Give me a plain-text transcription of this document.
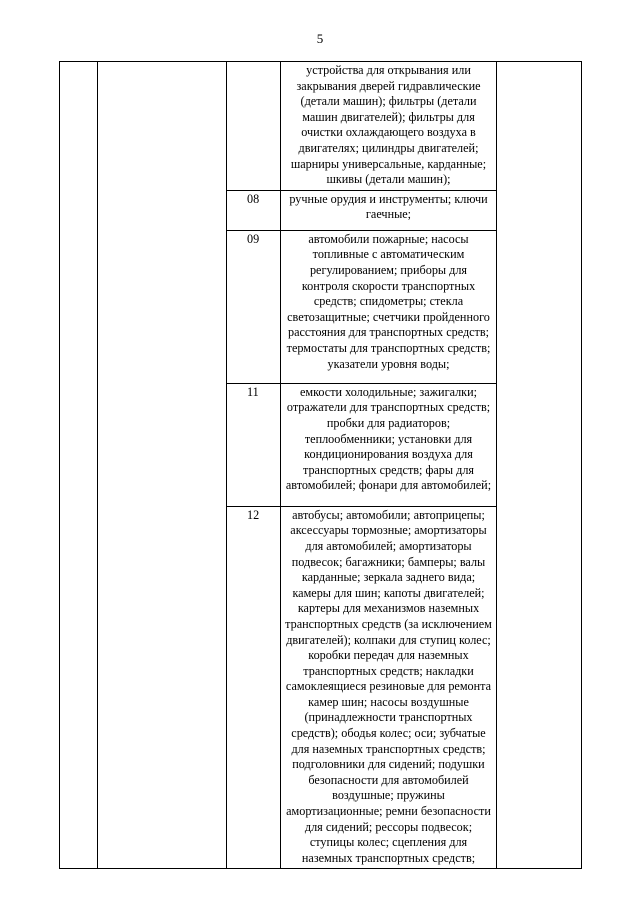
5
			устройства для открывания или закрывания дверей гидравлические (детали машин); фильтры (детали машин двигателей); фильтры для очистки охлаждающего воздуха в двигателях; цилиндры двигателей; шарниры универсальные, карданные; шкивы (детали машин);	
		08	ручные орудия и инструменты; ключи гаечные;	
		09	автомобили пожарные; насосы топливные с автоматическим регулированием; приборы для контроля скорости транспортных средств; спидометры; стекла светозащитные; счетчики пройденного расстояния для транспортных средств; термостаты для транспортных средств; указатели уровня воды;	
		11	емкости холодильные; зажигалки; отражатели для транспортных средств; пробки для радиаторов; теплообменники; установки для кондиционирования воздуха для транспортных средств; фары для автомобилей; фонари для автомобилей;	
		12	автобусы; автомобили; автоприцепы; аксессуары тормозные; амортизаторы для автомобилей; амортизаторы подвесок; багажники; бамперы; валы карданные; зеркала заднего вида; камеры для шин; капоты двигателей; картеры для механизмов наземных транспортных средств (за исключением двигателей); колпаки для ступиц колес; коробки передач для наземных транспортных средств; накладки самоклеящиеся резиновые для ремонта камер шин; насосы воздушные (принадлежности транспортных средств); ободья колес; оси; зубчатые для наземных транспортных средств; подголовники для сидений; подушки безопасности для автомобилей воздушные; пружины амортизационные; ремни безопасности для сидений; рессоры подвесок; ступицы колес; сцепления для наземных транспортных средств;	
